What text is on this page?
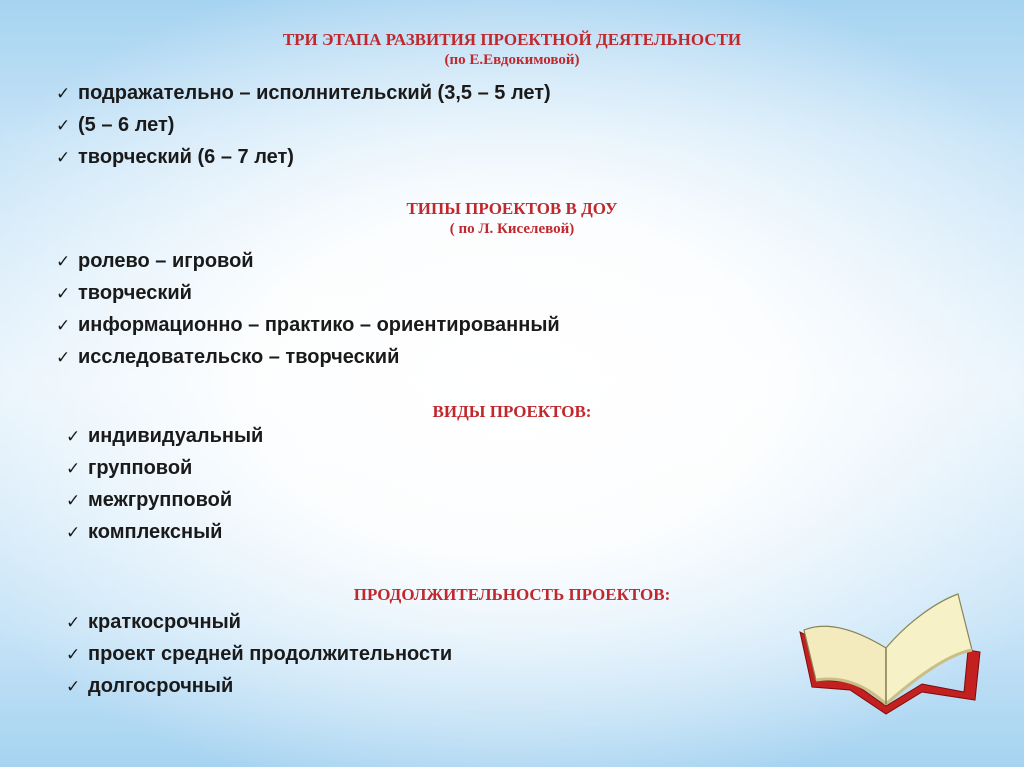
ТРИ ЭТАПА РАЗВИТИЯ ПРОЕКТНОЙ ДЕЯТЕЛЬНОСТИ
(по Е.Евдокимовой)
✓ подражательно – исполнительский (3,5 – 5 лет)
✓ (5 – 6 лет)
✓ творческий (6 – 7 лет)
ТИПЫ ПРОЕКТОВ В ДОУ
( по Л. Киселевой)
✓ ролево – игровой
✓ творческий
✓ информационно – практико – ориентированный
✓ исследовательско – творческий
ВИДЫ ПРОЕКТОВ:
✓ индивидуальный
✓ групповой
✓ межгрупповой
✓ комплексный
ПРОДОЛЖИТЕЛЬНОСТЬ ПРОЕКТОВ:
✓ краткосрочный
✓ проект средней продолжительности
✓ долгосрочный
